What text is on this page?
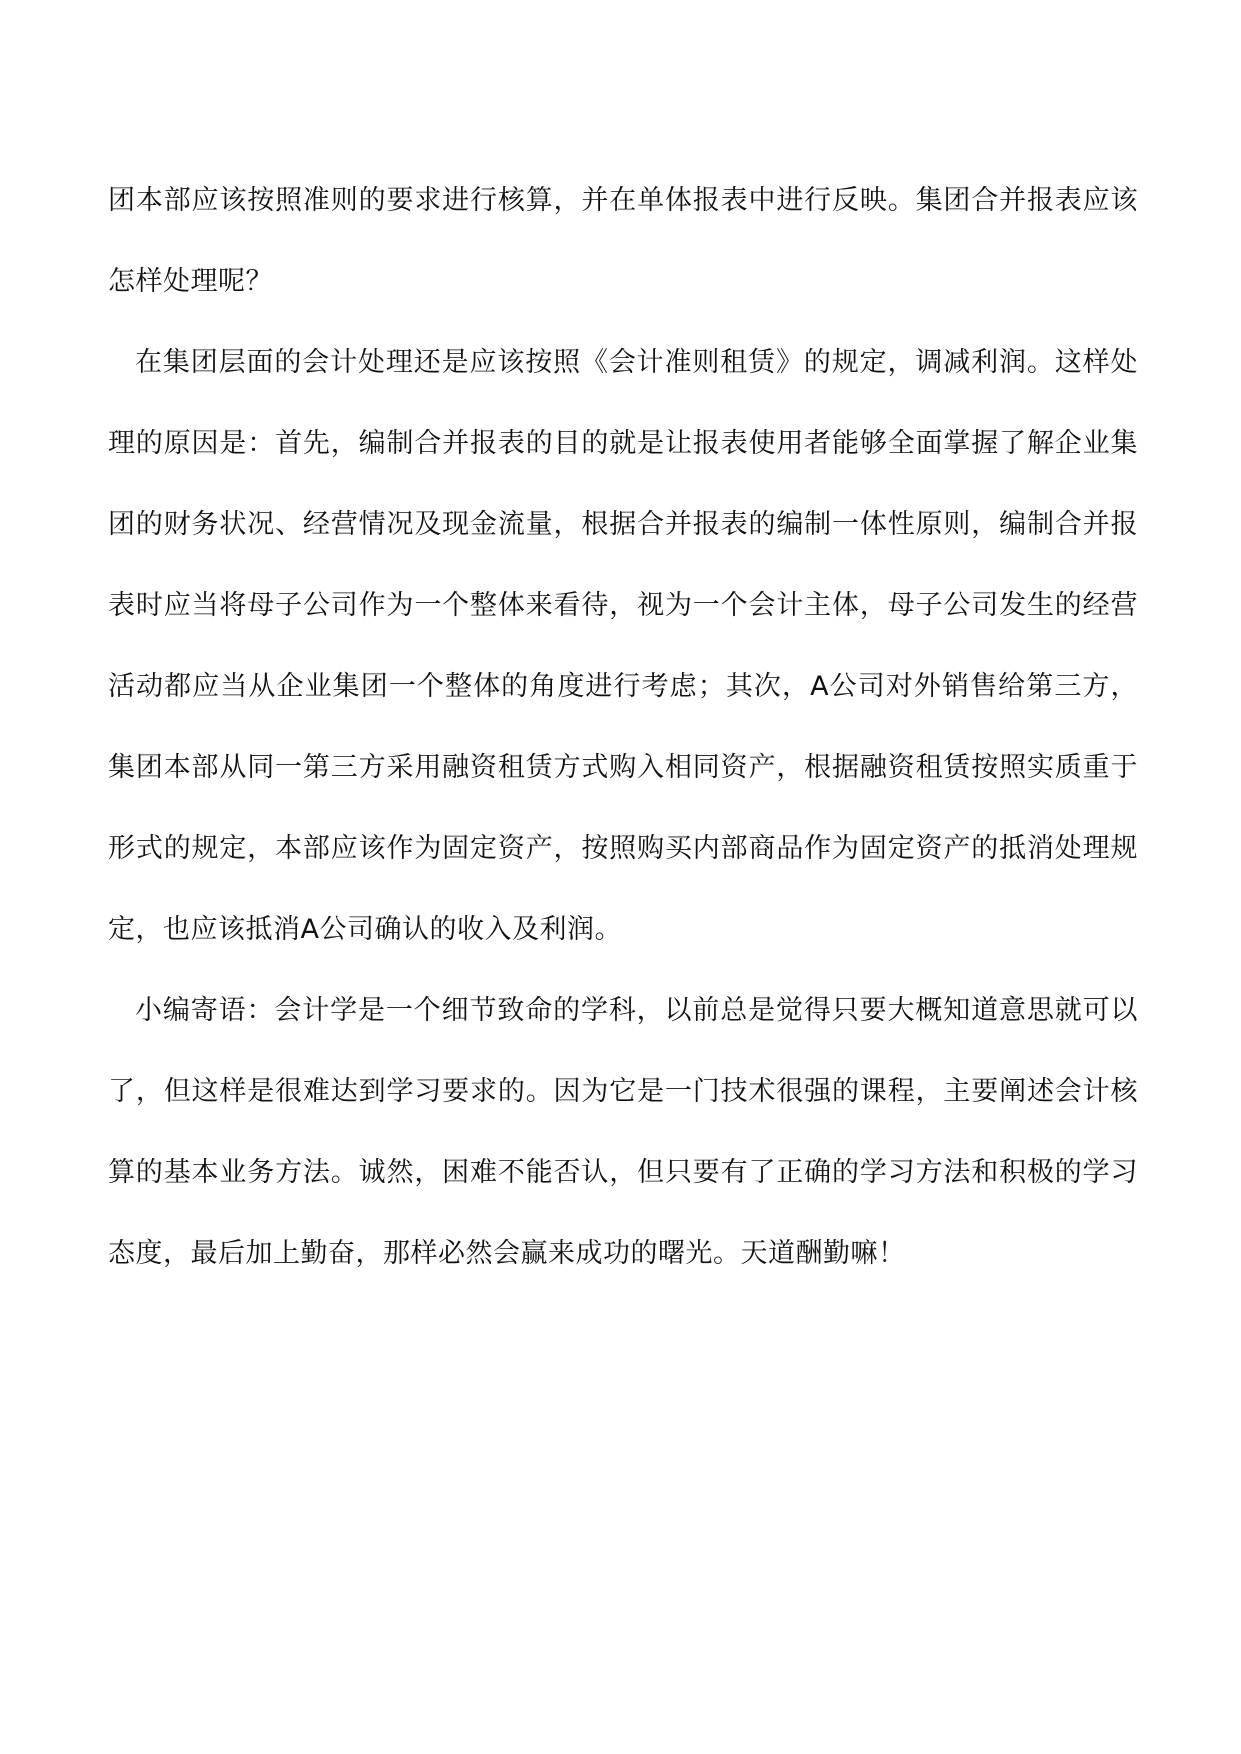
团本部应该按照准则的要求进行核算，并在单体报表中进行反映。集团合并报表应该怎样处理呢？

在集团层面的会计处理还是应该按照《会计准则租赁》的规定，调减利润。这样处理的原因是：首先，编制合并报表的目的就是让报表使用者能够全面掌握了解企业集团的财务状况、经营情况及现金流量，根据合并报表的编制一体性原则，编制合并报表时应当将母子公司作为一个整体来看待，视为一个会计主体，母子公司发生的经营活动都应当从企业集团一个整体的角度进行考虑；其次，A公司对外销售给第三方，集团本部从同一第三方采用融资租赁方式购入相同资产，根据融资租赁按照实质重于形式的规定，本部应该作为固定资产，按照购买内部商品作为固定资产的抵消处理规定，也应该抵消A公司确认的收入及利润。

小编寄语：会计学是一个细节致命的学科，以前总是觉得只要大概知道意思就可以了，但这样是很难达到学习要求的。因为它是一门技术很强的课程，主要阐述会计核算的基本业务方法。诚然，困难不能否认，但只要有了正确的学习方法和积极的学习态度，最后加上勤奋，那样必然会赢来成功的曙光。天道酬勤嘛！
